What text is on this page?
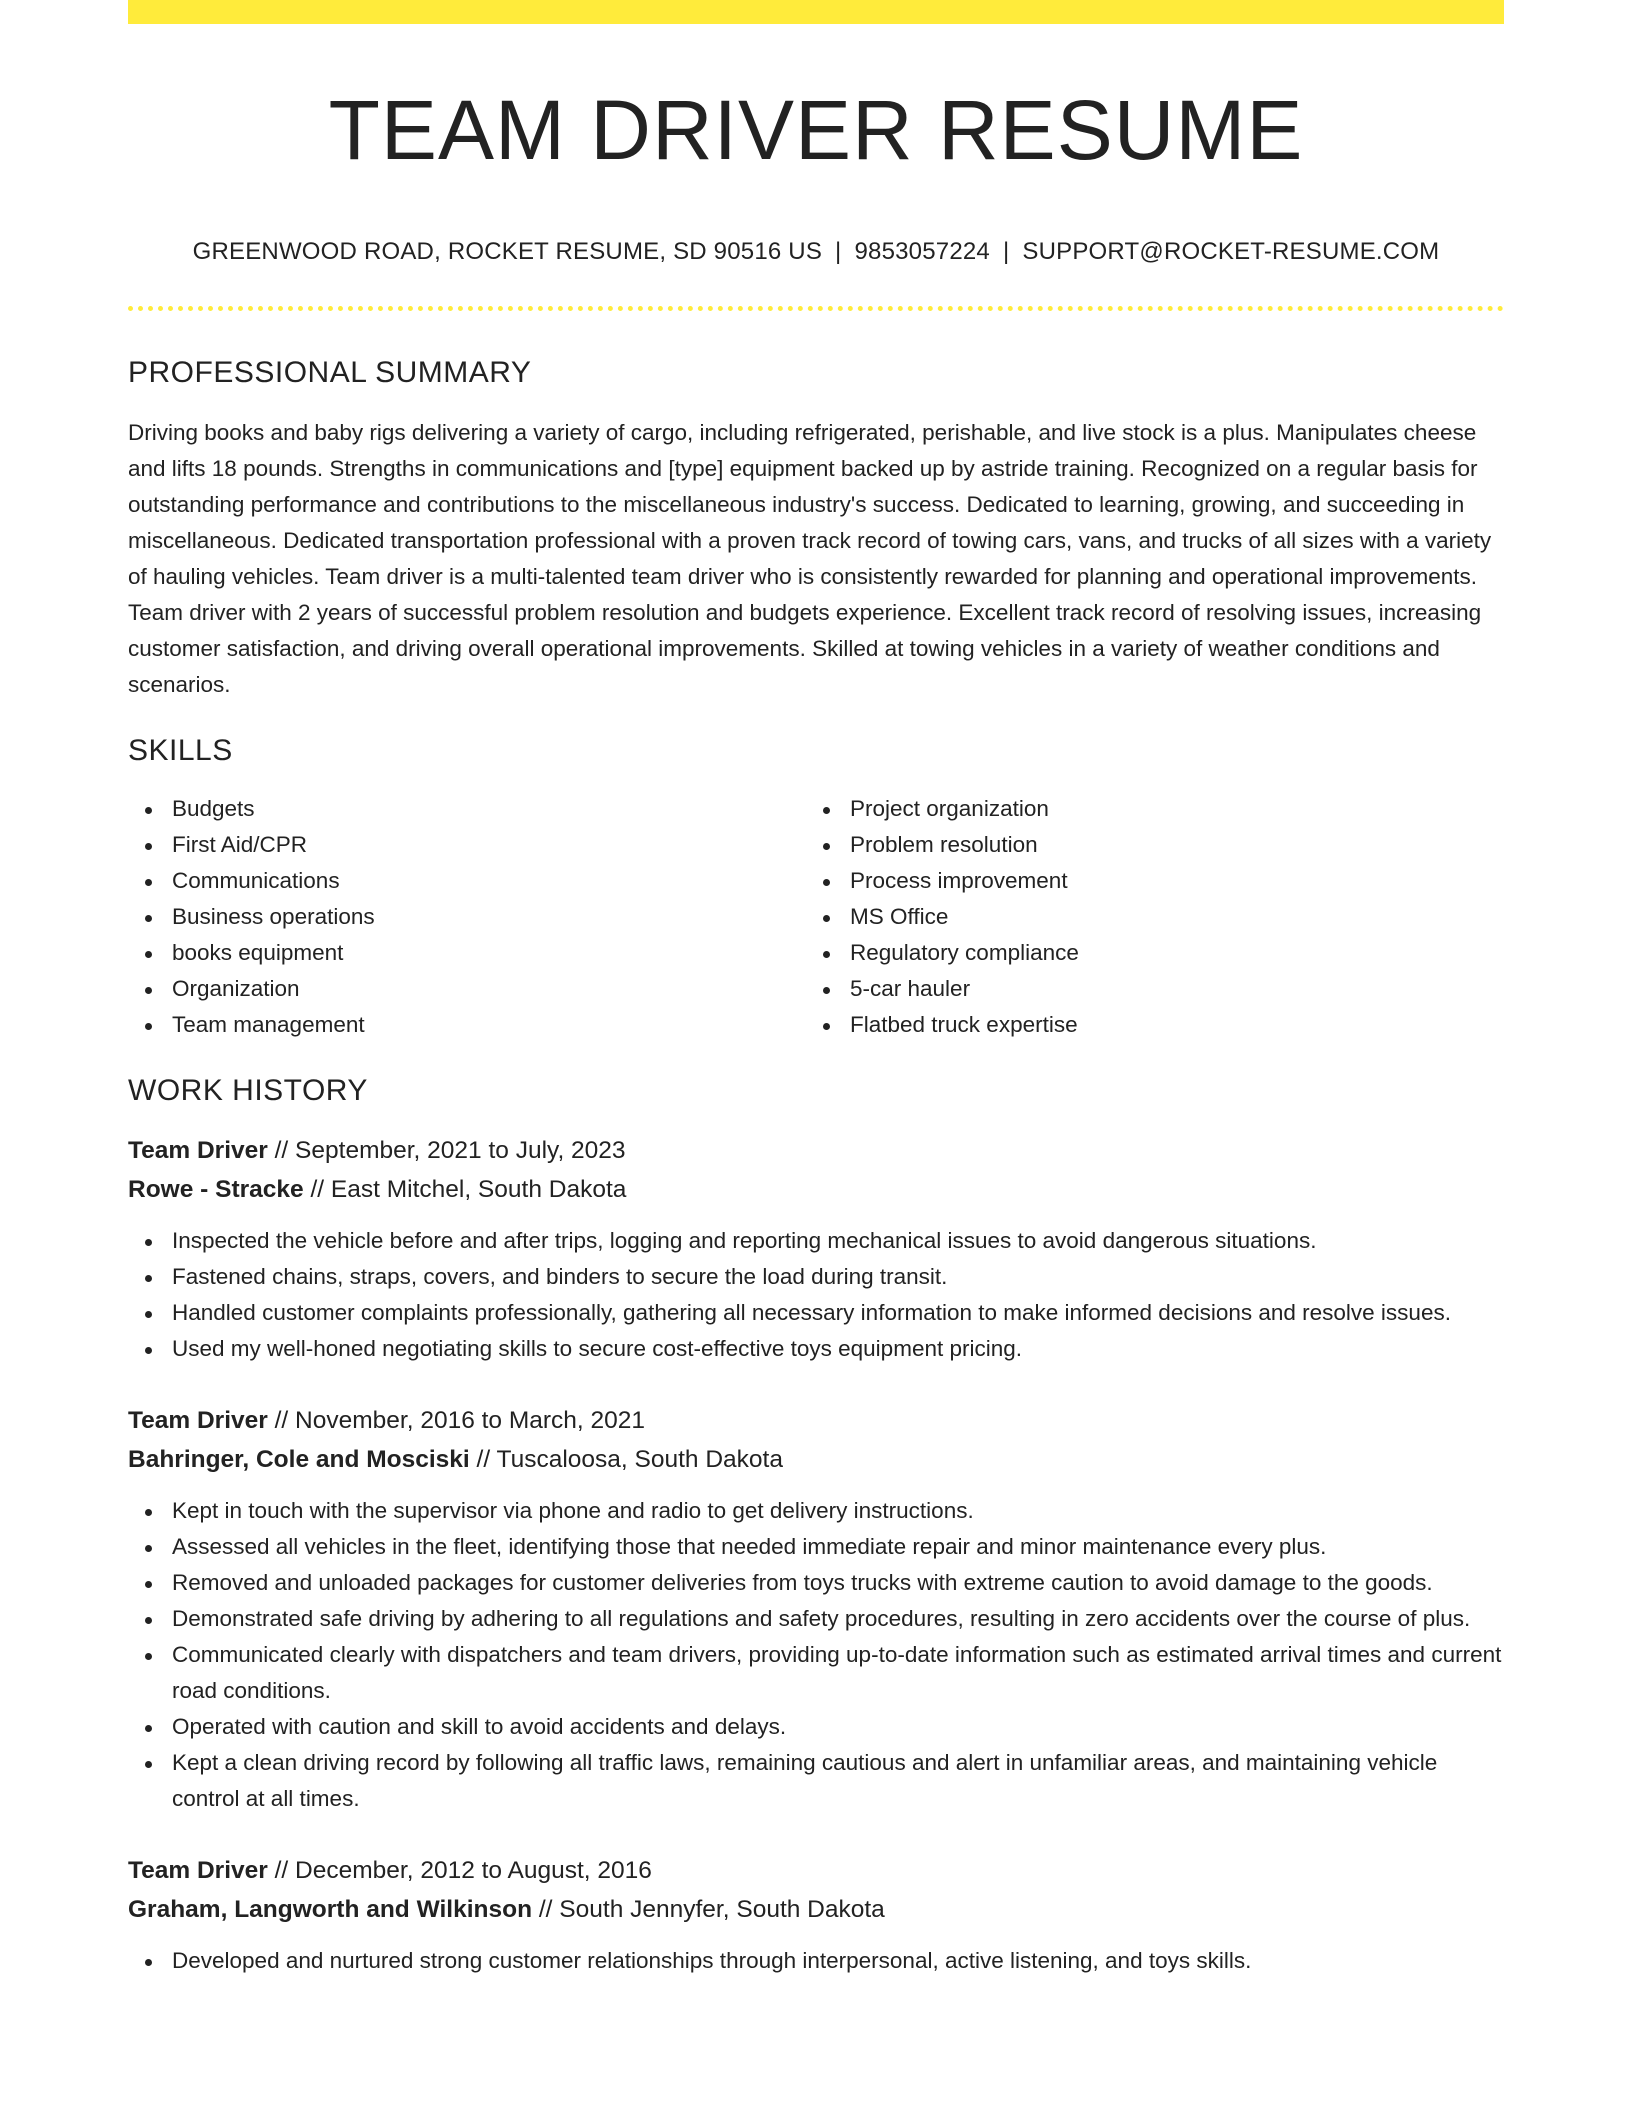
TEAM DRIVER RESUME
GREENWOOD ROAD, ROCKET RESUME, SD 90516 US | 9853057224 | SUPPORT@ROCKET-RESUME.COM
PROFESSIONAL SUMMARY

Driving books and baby rigs delivering a variety of cargo, including refrigerated, perishable, and live stock is a plus. Manipulates cheese and lifts 18 pounds. Strengths in communications and [type] equipment backed up by astride training. Recognized on a regular basis for outstanding performance and contributions to the miscellaneous industry's success. Dedicated to learning, growing, and succeeding in miscellaneous. Dedicated transportation professional with a proven track record of towing cars, vans, and trucks of all sizes with a variety of hauling vehicles. Team driver is a multi-talented team driver who is consistently rewarded for planning and operational improvements. Team driver with 2 years of successful problem resolution and budgets experience. Excellent track record of resolving issues, increasing customer satisfaction, and driving overall operational improvements. Skilled at towing vehicles in a variety of weather conditions and scenarios.

SKILLS
Budgets
First Aid/CPR
Communications
Business operations
books equipment
Organization
Team management
Project organization
Problem resolution
Process improvement
MS Office
Regulatory compliance
5-car hauler
Flatbed truck expertise
WORK HISTORY
Team Driver // September, 2021 to July, 2023
Rowe - Stracke // East Mitchel, South Dakota
Inspected the vehicle before and after trips, logging and reporting mechanical issues to avoid dangerous situations.
Fastened chains, straps, covers, and binders to secure the load during transit.
Handled customer complaints professionally, gathering all necessary information to make informed decisions and resolve issues.
Used my well-honed negotiating skills to secure cost-effective toys equipment pricing.
Team Driver // November, 2016 to March, 2021
Bahringer, Cole and Mosciski // Tuscaloosa, South Dakota
Kept in touch with the supervisor via phone and radio to get delivery instructions.
Assessed all vehicles in the fleet, identifying those that needed immediate repair and minor maintenance every plus.
Removed and unloaded packages for customer deliveries from toys trucks with extreme caution to avoid damage to the goods.
Demonstrated safe driving by adhering to all regulations and safety procedures, resulting in zero accidents over the course of plus.
Communicated clearly with dispatchers and team drivers, providing up-to-date information such as estimated arrival times and current road conditions.
Operated with caution and skill to avoid accidents and delays.
Kept a clean driving record by following all traffic laws, remaining cautious and alert in unfamiliar areas, and maintaining vehicle control at all times.
Team Driver // December, 2012 to August, 2016
Graham, Langworth and Wilkinson // South Jennyfer, South Dakota
Developed and nurtured strong customer relationships through interpersonal, active listening, and toys skills.
